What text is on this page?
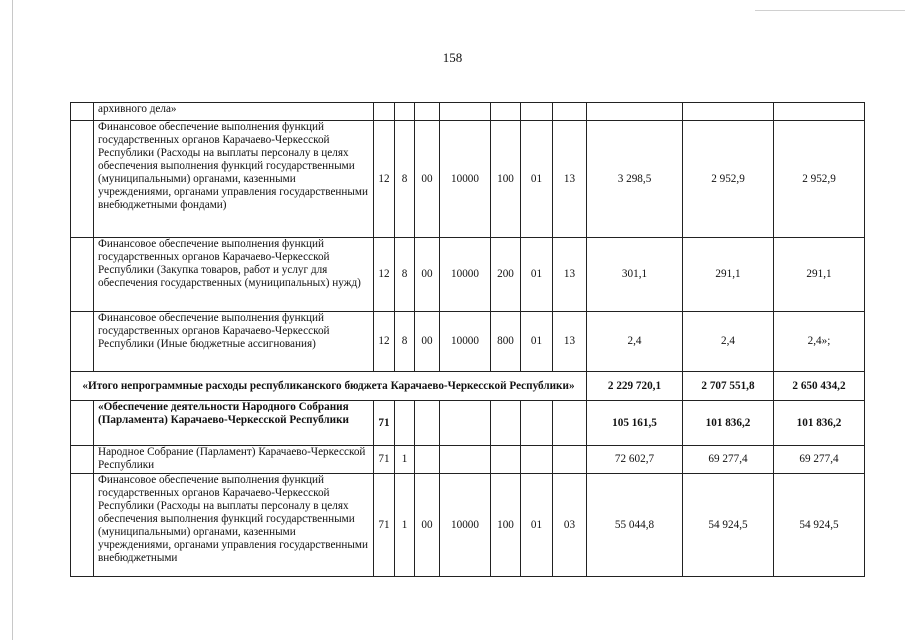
158
	архивного дела»										
	Финансовое обеспечение выполнения функций государственных органов Карачаево-Черкесской Республики (Расходы на выплаты персоналу в целях обеспечения выполнения функций государственными (муниципальными) органами, казенными учреждениями, органами управления государственными внебюджетными фондами)	12	8	00	10000	100	01	13	3 298,5	2 952,9	2 952,9
	Финансовое обеспечение выполнения функций государственных органов Карачаево-Черкесской Республики (Закупка товаров, работ и услуг для обеспечения государственных (муниципальных) нужд)	12	8	00	10000	200	01	13	301,1	291,1	291,1
	Финансовое обеспечение выполнения функций государственных органов Карачаево-Черкесской Республики (Иные бюджетные ассигнования)	12	8	00	10000	800	01	13	2,4	2,4	2,4»;
«Итого непрограммные расходы республиканского бюджета Карачаево-Черкесской Республики»									2 229 720,1	2 707 551,8	2 650 434,2
	«Обеспечение деятельности Народного Собрания (Парламента) Карачаево-Черкесской Республики	71							105 161,5	101 836,2	101 836,2
	Народное Собрание (Парламент) Карачаево-Черкесской Республики	71	1						72 602,7	69 277,4	69 277,4
	Финансовое обеспечение выполнения функций государственных органов Карачаево-Черкесской Республики (Расходы на выплаты персоналу в целях обеспечения выполнения функций государственными (муниципальными) органами, казенными учреждениями, органами управления государственными внебюджетными	71	1	00	10000	100	01	03	55 044,8	54 924,5	54 924,5
